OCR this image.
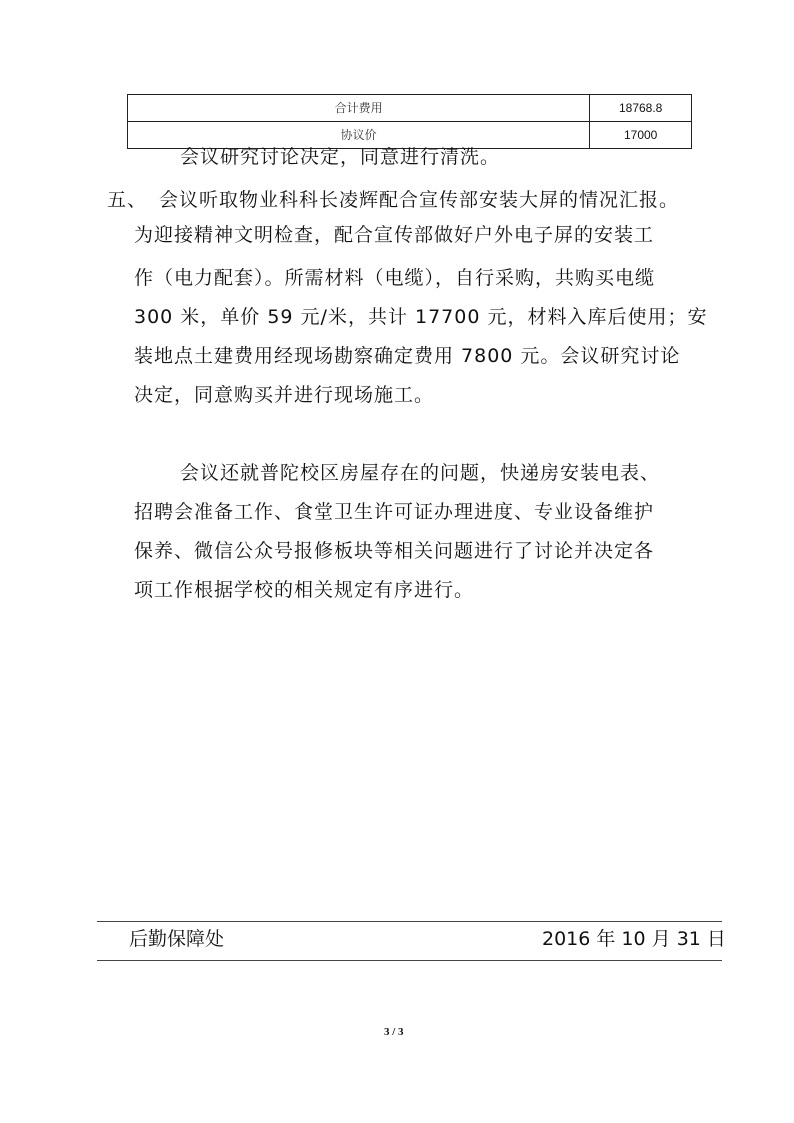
合计费用	18768.8
协议价	17000
会议研究讨论决定，同意进行清洗。
五、 会议听取物业科科长凌辉配合宣传部安装大屏的情况汇报。
为迎接精神文明检查，配合宣传部做好户外电子屏的安装工
作（电力配套）。所需材料（电缆），自行采购，共购买电缆
300 米，单价 59 元/米，共计 17700 元，材料入库后使用；安
装地点土建费用经现场勘察确定费用 7800 元。会议研究讨论
决定，同意购买并进行现场施工。
会议还就普陀校区房屋存在的问题，快递房安装电表、
招聘会准备工作、食堂卫生许可证办理进度、专业设备维护
保养、微信公众号报修板块等相关问题进行了讨论并决定各
项工作根据学校的相关规定有序进行。
后勤保障处	2016 年 10 月 31 日
3 / 3
